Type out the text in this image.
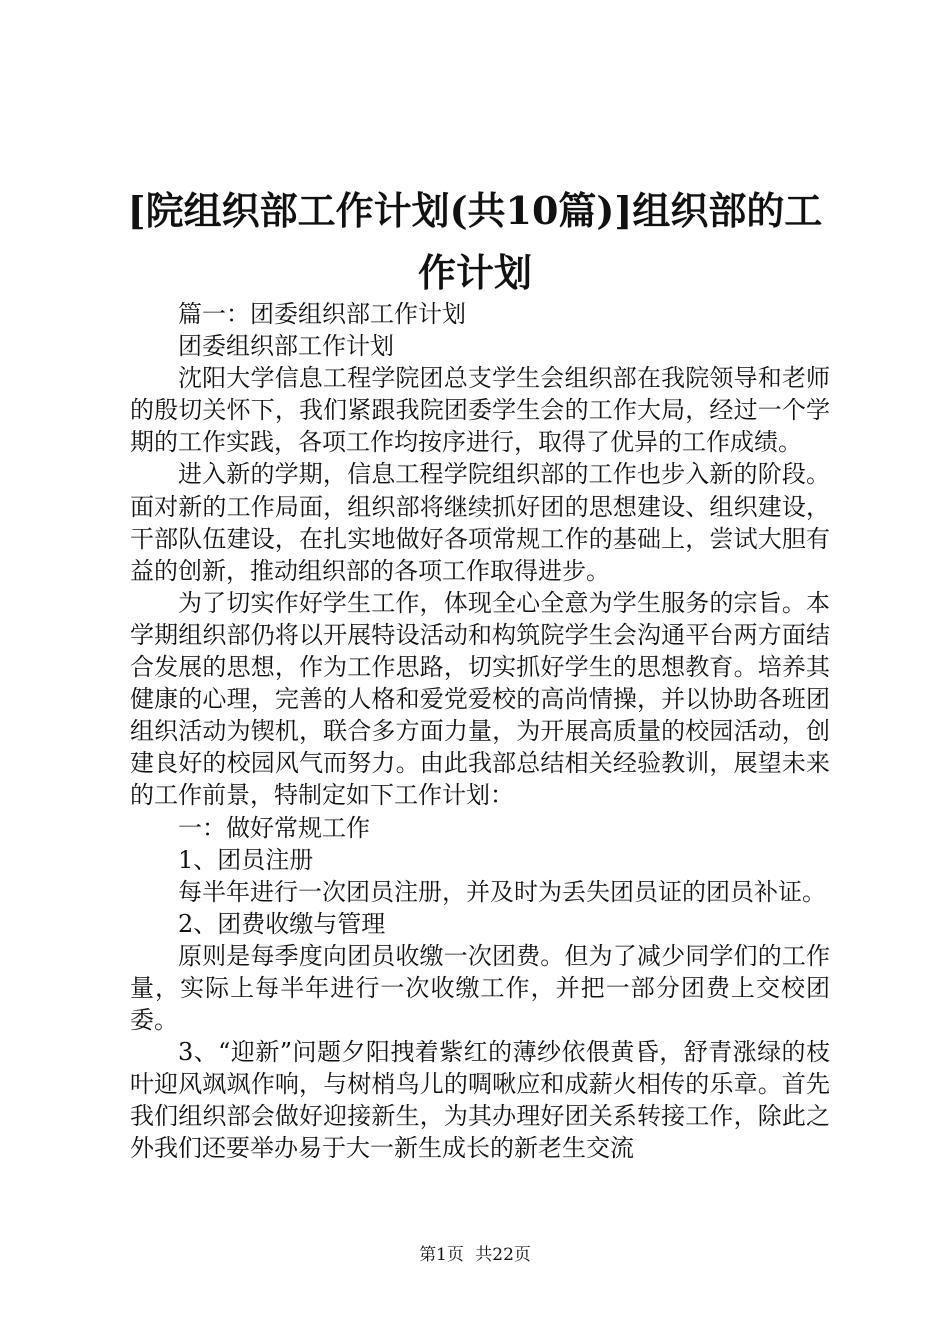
[院组织部工作计划(共10篇)]组织部的工作计划

篇一：团委组织部工作计划

团委组织部工作计划

沈阳大学信息工程学院团总支学生会组织部在我院领导和老师的殷切关怀下，我们紧跟我院团委学生会的工作大局，经过一个学期的工作实践，各项工作均按序进行，取得了优异的工作成绩。

进入新的学期，信息工程学院组织部的工作也步入新的阶段。面对新的工作局面，组织部将继续抓好团的思想建设、组织建设，干部队伍建设，在扎实地做好各项常规工作的基础上，尝试大胆有益的创新，推动组织部的各项工作取得进步。

为了切实作好学生工作，体现全心全意为学生服务的宗旨。本学期组织部仍将以开展特设活动和构筑院学生会沟通平台两方面结合发展的思想，作为工作思路，切实抓好学生的思想教育。培养其健康的心理，完善的人格和爱党爱校的高尚情操，并以协助各班团组织活动为锲机，联合多方面力量，为开展高质量的校园活动，创建良好的校园风气而努力。由此我部总结相关经验教训，展望未来的工作前景，特制定如下工作计划：

一：做好常规工作

1、团员注册

每半年进行一次团员注册，并及时为丢失团员证的团员补证。

2、团费收缴与管理

原则是每季度向团员收缴一次团费。但为了减少同学们的工作量，实际上每半年进行一次收缴工作，并把一部分团费上交校团委。

3、“迎新”问题夕阳拽着紫红的薄纱依偎黄昏，舒青涨绿的枝叶迎风飒飒作响，与树梢鸟儿的啁啾应和成薪火相传的乐章。首先我们组织部会做好迎接新生，为其办理好团关系转接工作，除此之外我们还要举办易于大一新生成长的新老生交流

第1页 共22页
